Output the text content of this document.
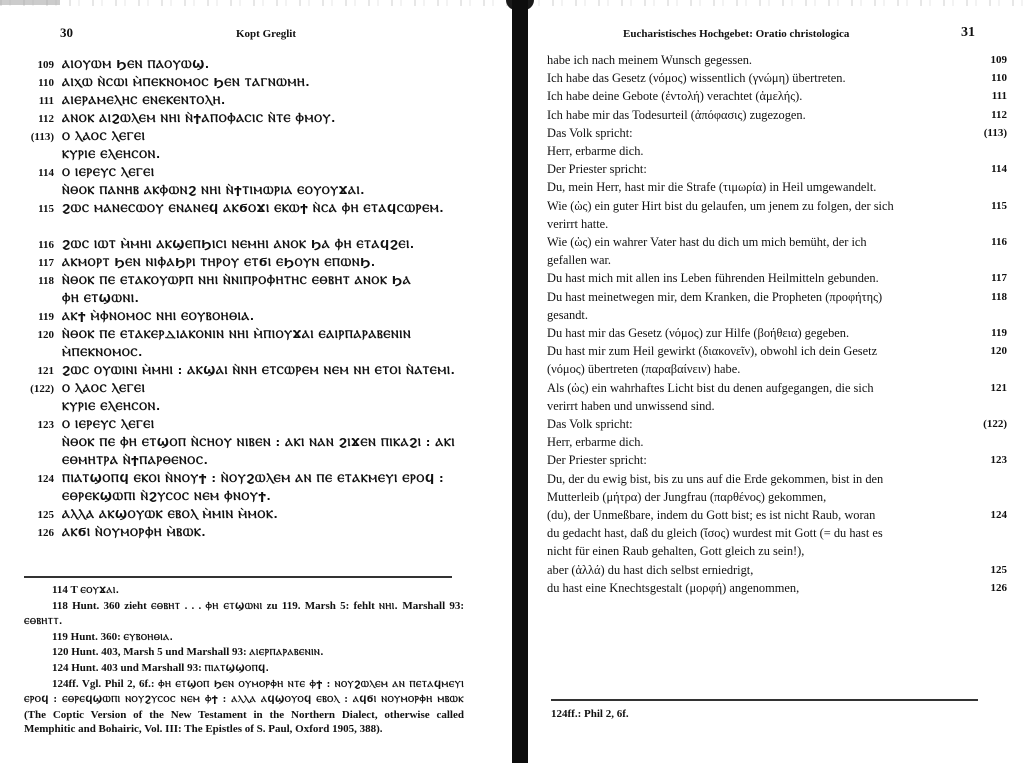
30	Kopt Greglit
109 ⲀⲒⲞⲨⲰⲘ ϦⲈⲚ ⲠⲀⲞⲨⲰϢ.
110 ⲀⲒⲬⲰ Ⲛ̀ⲤⲰⲒ Ⲙ̀ⲠⲈⲔⲚⲞⲘⲞⲤ ϦⲈⲚ ⲦⲀⲄⲚⲰⲘⲎ.
111 ⲀⲒⲈⲢⲀⲘⲈⲖⲎⲤ ⲈⲚⲈⲔⲈⲚⲦⲞⲖⲎ.
112 ⲀⲚⲞⲔ ⲀⲒϨⲰⲖⲈⲘ ⲚⲎⲒ Ⲛ̀ϮⲀⲠⲞⲪⲀⲤⲒⲤ Ⲛ̀ⲦⲈ ⲪⲘⲞⲨ.
(113) Ⲟ ⲖⲀⲞⲤ ⲖⲈⲄⲈⲒ
ⲔⲨⲢⲒⲈ ⲈⲖⲈⲎⲤⲞⲚ.
114 Ⲟ ⲒⲈⲢⲈⲨⲤ ⲖⲈⲄⲈⲒ
Ⲛ̀ⲐⲞⲔ ⲠⲀⲚⲎⲂ ⲀⲔⲪⲰⲚϨ ⲚⲎⲒ Ⲛ̀ϮⲦⲒⲘⲰⲢⲒⲀ ⲈⲞⲨⲞⲨϪⲀⲒ.
115 ϨⲰⲤ ⲘⲀⲚⲈⲤⲰⲞⲨ ⲈⲚⲀⲚⲈϤ ⲀⲔϬⲞϪⲒ ⲈⲔⲰϮ Ⲛ̀ⲤⲀ ⲪⲎ ⲈⲦⲀϤⲤⲰⲢⲈⲘ.
116 ϨⲰⲤ ⲒⲰⲦ Ⲙ̀ⲘⲎⲒ ⲀⲔϢⲈⲠϦⲒⲤⲒ ⲚⲈⲘⲎⲒ ⲀⲚⲞⲔ ϦⲀ ⲪⲎ ⲈⲦⲀϤϨⲈⲒ.
117 ⲀⲔⲘⲞⲢⲦ ϦⲈⲚ ⲚⲒⲪⲀϦⲢⲒ ⲦⲎⲢⲞⲨ ⲈⲦϬⲒ ⲈϦⲞⲨⲚ ⲈⲠⲰⲚϦ.
118 Ⲛ̀ⲐⲞⲔ ⲠⲈ ⲈⲦⲀⲔⲞⲨⲰⲢⲠ ⲚⲎⲒ Ⲛ̀ⲚⲒⲠⲢⲞⲪⲎⲦⲎⲤ ⲈⲐⲂⲎⲦ ⲀⲚⲞⲔ ϦⲀ
ⲪⲎ ⲈⲦϢⲰⲚⲒ.
119 ⲀⲔϮ Ⲙ̀ⲪⲚⲞⲘⲞⲤ ⲚⲎⲒ ⲈⲞⲨⲂⲞⲎⲐⲒⲀ.
120 Ⲛ̀ⲐⲞⲔ ⲠⲈ ⲈⲦⲀⲔⲈⲢⲆⲒⲀⲔⲞⲚⲒⲚ ⲚⲎⲒ Ⲙ̀ⲠⲒⲞⲨϪⲀⲒ ⲈⲀⲒⲢⲠⲀⲢⲀⲂⲈⲚⲒⲚ
Ⲙ̀ⲠⲈⲔⲚⲞⲘⲞⲤ.
121 ϨⲰⲤ ⲞⲨⲰⲒⲚⲒ Ⲙ̀ⲘⲎⲒ : ⲀⲔϢⲀⲒ Ⲛ̀ⲚⲎ ⲈⲦⲤⲰⲢⲈⲘ ⲚⲈⲘ ⲚⲎ ⲈⲦⲞⲒ Ⲛ̀ⲀⲦⲈⲘⲒ.
(122) Ⲟ ⲖⲀⲞⲤ ⲖⲈⲄⲈⲒ
ⲔⲨⲢⲒⲈ ⲈⲖⲈⲎⲤⲞⲚ.
123 Ⲟ ⲒⲈⲢⲈⲨⲤ ⲖⲈⲄⲈⲒ
Ⲛ̀ⲐⲞⲔ ⲠⲈ ⲪⲎ ⲈⲦϢⲞⲠ Ⲛ̀ⲤⲎⲞⲨ ⲚⲒⲂⲈⲚ : ⲀⲔⲒ ⲚⲀⲚ ϨⲒϪⲈⲚ ⲠⲒⲔⲀϨⲒ : ⲀⲔⲒ
ⲈⲐⲘⲎⲦⲢⲀ Ⲛ̀ϮⲠⲀⲢⲐⲈⲚⲞⲤ.
124 ⲠⲒⲀⲦϢⲞⲠϤ ⲈⲔⲞⲒ Ⲛ̀ⲚⲞⲨϮ : Ⲛ̀ⲞⲨϨⲰⲖⲈⲘ ⲀⲚ ⲠⲈ ⲈⲦⲀⲔⲘⲈⲨⲒ ⲈⲢⲞϤ :
ⲈⲐⲢⲈⲔϢⲰⲠⲒ Ⲛ̀ϨⲨⲤⲞⲤ ⲚⲈⲘ ⲪⲚⲞⲨϮ.
125 ⲀⲖⲖⲀ ⲀⲔϢⲞⲨⲰⲔ ⲈⲂⲞⲖ Ⲙ̀ⲘⲒⲚ Ⲙ̀ⲘⲞⲔ.
126 ⲀⲔϬⲒ Ⲛ̀ⲞⲨⲘⲞⲢⲪⲎ Ⲙ̀ⲂⲰⲔ.

114 T ⲈⲞⲨϪⲀⲒ.

118 Hunt. 360 zieht ⲈⲐⲂⲎⲦ . . . ⲪⲎ ⲈⲦϢⲰⲚⲒ zu 119. Marsh 5: fehlt ⲚⲎⲒ. Marshall 93: ⲈⲐⲂⲎⲦⲦ.

119 Hunt. 360: ⲈⲨⲂⲞⲎⲐⲒⲀ.

120 Hunt. 403, Marsh 5 und Marshall 93: ⲀⲒⲈⲢⲠⲀⲢⲀⲂⲈⲚⲒⲚ.

124 Hunt. 403 und Marshall 93: ⲠⲒⲀⲦϢϢⲞⲠϤ.

124ff. Vgl. Phil 2, 6f.: ⲪⲎ ⲈⲦϢⲞⲠ ϦⲈⲚ ⲞⲨⲘⲞⲢⲪⲎ ⲚⲦⲈ ⲪϮ : ⲚⲞⲨϨⲰⲖⲈⲘ ⲀⲚ ⲠⲈⲦⲀϤⲘⲈⲨⲒ ⲈⲢⲞϤ : ⲈⲐⲢⲈϤϢⲰⲠⲒ ⲚⲞⲨϨⲨⲤⲞⲤ ⲚⲈⲘ ⲪϮ : ⲀⲖⲖⲀ ⲀϤϢⲞⲨⲞϤ ⲈⲂⲞⲖ : ⲀϤϬⲒ ⲚⲞⲨⲘⲞⲢⲪⲎ ⲘⲂⲰⲔ (The Coptic Version of the New Testament in the Northern Dialect, otherwise called Memphitic and Bohairic, Vol. III: The Epistles of S. Paul, Oxford 1905, 388).

Eucharistisches Hochgebet: Oratio christologica	31
habe ich nach meinem Wunsch gegessen.	109
Ich habe das Gesetz (νόμος) wissentlich (γνώμη) übertreten.	110
Ich habe deine Gebote (ἐντολή) verachtet (ἀμελής).	111
Ich habe mir das Todesurteil (ἀπόφασις) zugezogen.	112
Das Volk spricht:	(113)
Herr, erbarme dich.
Der Priester spricht:	114
Du, mein Herr, hast mir die Strafe (τιμωρία) in Heil umgewandelt.
Wie (ὡς) ein guter Hirt bist du gelaufen, um jenem zu folgen, der sich	115
verirrt hatte.
Wie (ὡς) ein wahrer Vater hast du dich um mich bemüht, der ich	116
gefallen war.
Du hast mich mit allen ins Leben führenden Heilmitteln gebunden.	117
Du hast meinetwegen mir, dem Kranken, die Propheten (προφήτης)	118
gesandt.
Du hast mir das Gesetz (νόμος) zur Hilfe (βοήθεια) gegeben.	119
Du hast mir zum Heil gewirkt (διακονεῖν), obwohl ich dein Gesetz	120
(νόμος) übertreten (παραβαίνειν) habe.
Als (ὡς) ein wahrhaftes Licht bist du denen aufgegangen, die sich	121
verirrt haben und unwissend sind.
Das Volk spricht:	(122)
Herr, erbarme dich.
Der Priester spricht:	123
Du, der du ewig bist, bis zu uns auf die Erde gekommen, bist in den
Mutterleib (μήτρα) der Jungfrau (παρθένος) gekommen,
(du), der Unmeßbare, indem du Gott bist; es ist nicht Raub, woran	124
du gedacht hast, daß du gleich (ἴσος) wurdest mit Gott (= du hast es
nicht für einen Raub gehalten, Gott gleich zu sein!),
aber (ἀλλά) du hast dich selbst erniedrigt,	125
du hast eine Knechtsgestalt (μορφή) angenommen,	126
124ff.: Phil 2, 6f.
